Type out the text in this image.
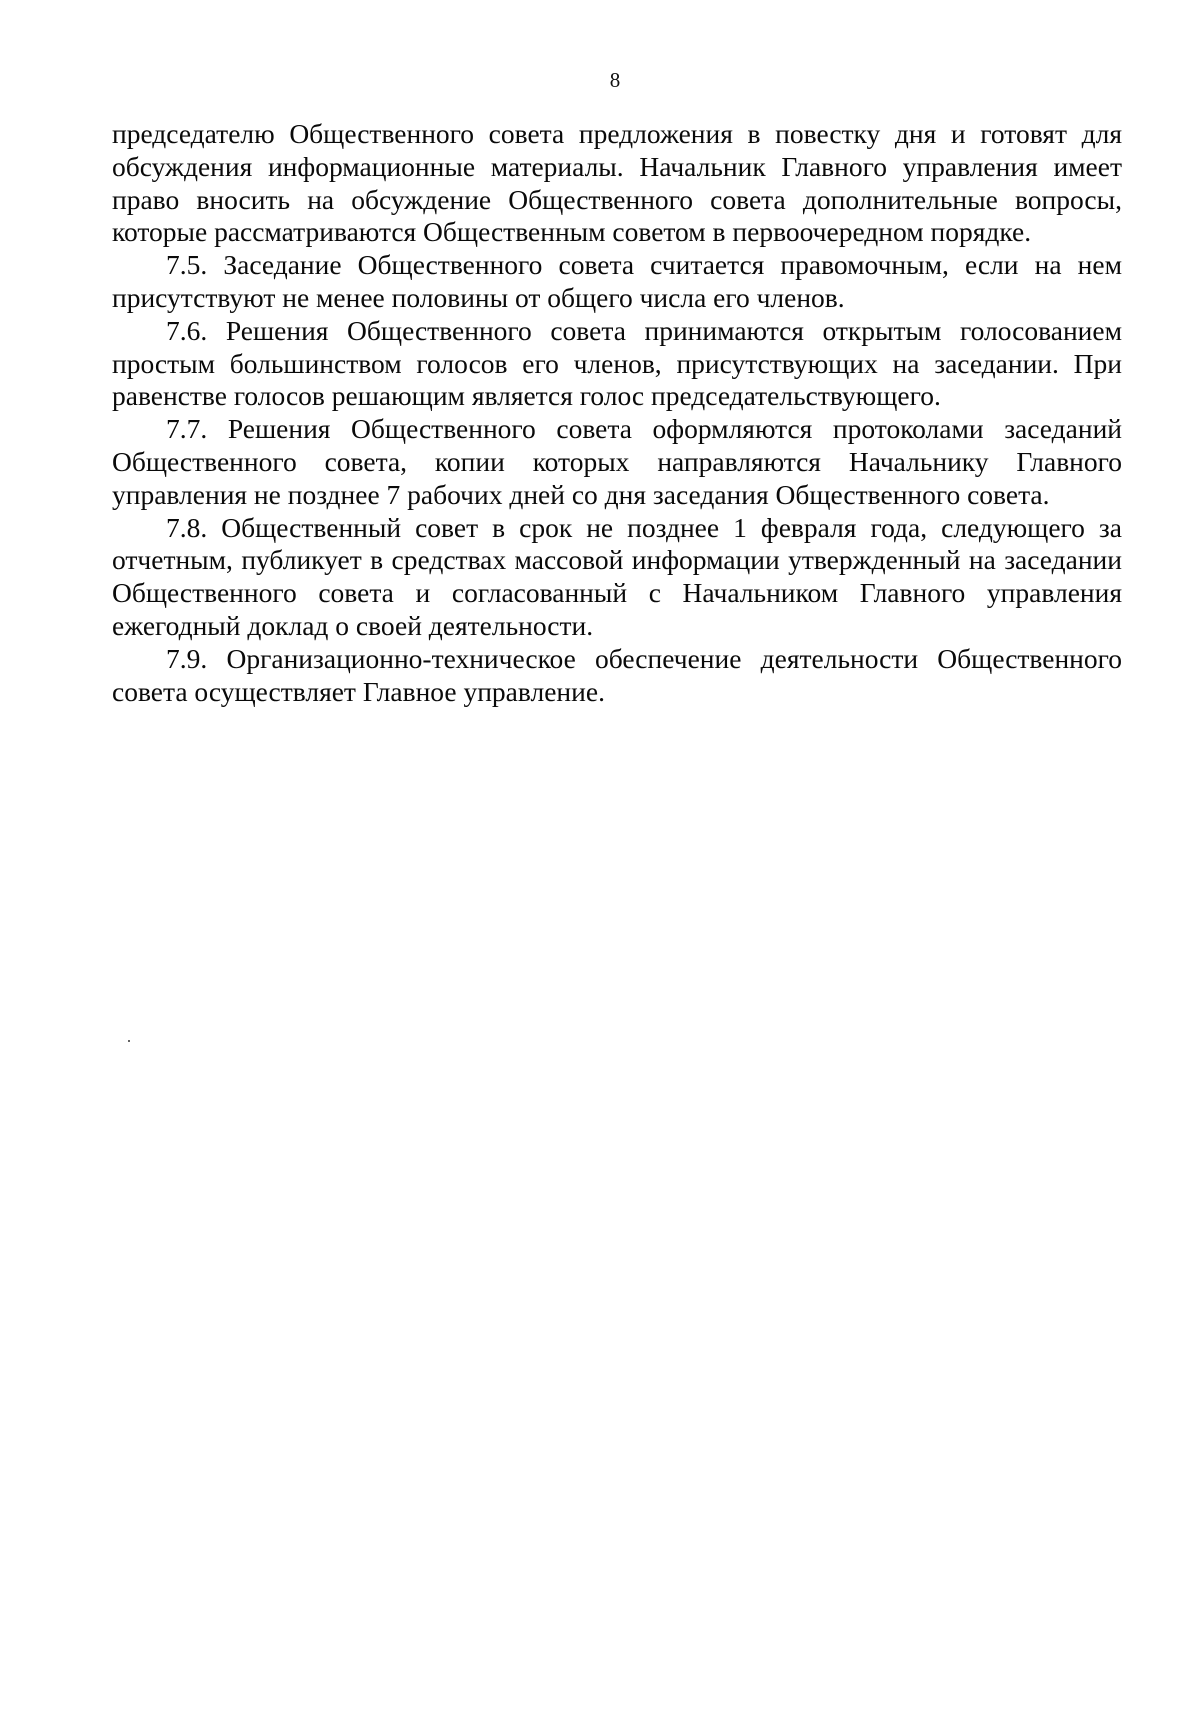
8

председателю Общественного совета предложения в повестку дня и готовят для обсуждения информационные материалы. Начальник Главного управления имеет право вносить на обсуждение Общественного совета дополнительные вопросы, которые рассматриваются Общественным советом в первоочередном порядке.

7.5. Заседание Общественного совета считается правомочным, если на нем присутствуют не менее половины от общего числа его членов.

7.6. Решения Общественного совета принимаются открытым голосованием простым большинством голосов его членов, присутствующих на заседании. При равенстве голосов решающим является голос председательствующего.

7.7. Решения Общественного совета оформляются протоколами заседаний Общественного совета, копии которых направляются Начальнику Главного управления не позднее 7 рабочих дней со дня заседания Общественного совета.

7.8. Общественный совет в срок не позднее 1 февраля года, следующего за отчетным, публикует в средствах массовой информации утвержденный на заседании Общественного совета и согласованный с Начальником Главного управления ежегодный доклад о своей деятельности.

7.9. Организационно-техническое обеспечение деятельности Общественного совета осуществляет Главное управление.
